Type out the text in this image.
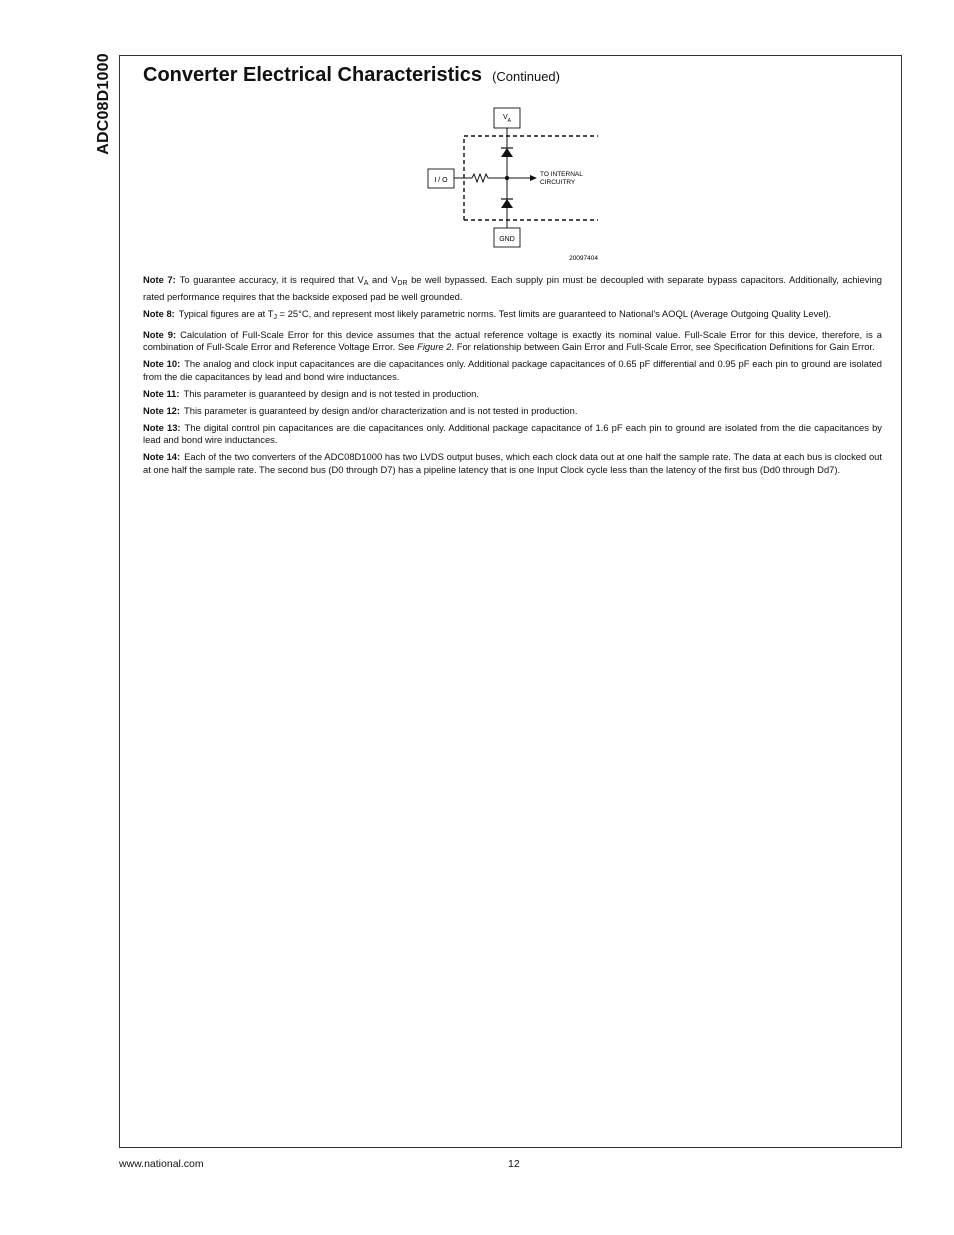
ADC08D1000 Converter Electrical Characteristics (Continued)
$V_A$
GND
I / O
TO INTERNAL
CIRCUITRY
20097404

Note 7: To guarantee accuracy, it is required that $V_A$ and $V_{DR}$ be well bypassed. Each supply pin must be decoupled with separate bypass capacitors. Additionally, achieving rated performance requires that the backside exposed pad be well grounded.

Note 8: Typical figures are at $T_J = 25^\circ C$, and represent most likely parametric norms. Test limits are guaranteed to National's AOQL (Average Outgoing Quality Level).

Note 9: Calculation of Full-Scale Error for this device assumes that the actual reference voltage is exactly its nominal value. Full-Scale Error for this device, therefore, is a combination of Full-Scale Error and Reference Voltage Error. See Figure 2. For relationship between Gain Error and Full-Scale Error, see Specification Definitions for Gain Error.

Note 10: The analog and clock input capacitances are die capacitances only. Additional package capacitances of 0.65 pF differential and 0.95 pF each pin to ground are isolated from the die capacitances by lead and bond wire inductances.

Note 11: This parameter is guaranteed by design and is not tested in production.

Note 12: This parameter is guaranteed by design and/or characterization and is not tested in production.

Note 13: The digital control pin capacitances are die capacitances only. Additional package capacitance of 1.6 pF each pin to ground are isolated from the die capacitances by lead and bond wire inductances.

Note 14: Each of the two converters of the ADC08D1000 has two LVDS output buses, which each clock data out at one half the sample rate. The data at each bus is clocked out at one half the sample rate. The second bus (D0 through D7) has a pipeline latency that is one Input Clock cycle less than the latency of the first bus (Dd0 through Dd7).

www.national.com	12
